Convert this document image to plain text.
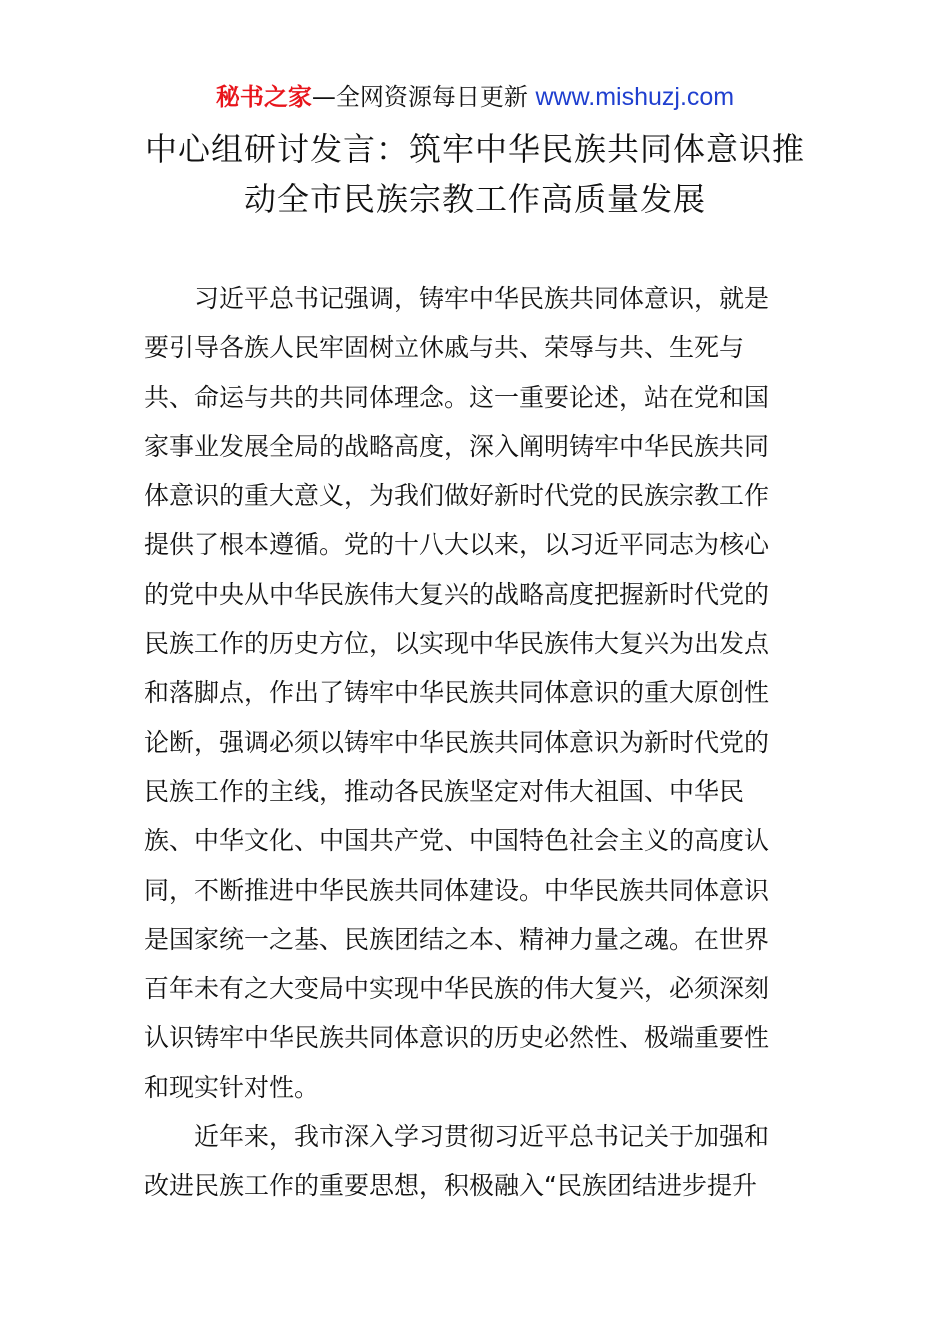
秘书之家—全网资源每日更新 www.mishuzj.com
中心组研讨发言：筑牢中华民族共同体意识推
动全市民族宗教工作高质量发展
习近平总书记强调，铸牢中华民族共同体意识，就是
要引导各族人民牢固树立休戚与共、荣辱与共、生死与
共、命运与共的共同体理念。这一重要论述，站在党和国
家事业发展全局的战略高度，深入阐明铸牢中华民族共同
体意识的重大意义，为我们做好新时代党的民族宗教工作
提供了根本遵循。党的十八大以来，以习近平同志为核心
的党中央从中华民族伟大复兴的战略高度把握新时代党的
民族工作的历史方位，以实现中华民族伟大复兴为出发点
和落脚点，作出了铸牢中华民族共同体意识的重大原创性
论断，强调必须以铸牢中华民族共同体意识为新时代党的
民族工作的主线，推动各民族坚定对伟大祖国、中华民
族、中华文化、中国共产党、中国特色社会主义的高度认
同，不断推进中华民族共同体建设。中华民族共同体意识
是国家统一之基、民族团结之本、精神力量之魂。在世界
百年未有之大变局中实现中华民族的伟大复兴，必须深刻
认识铸牢中华民族共同体意识的历史必然性、极端重要性
和现实针对性。
近年来，我市深入学习贯彻习近平总书记关于加强和
改进民族工作的重要思想，积极融入“民族团结进步提升
